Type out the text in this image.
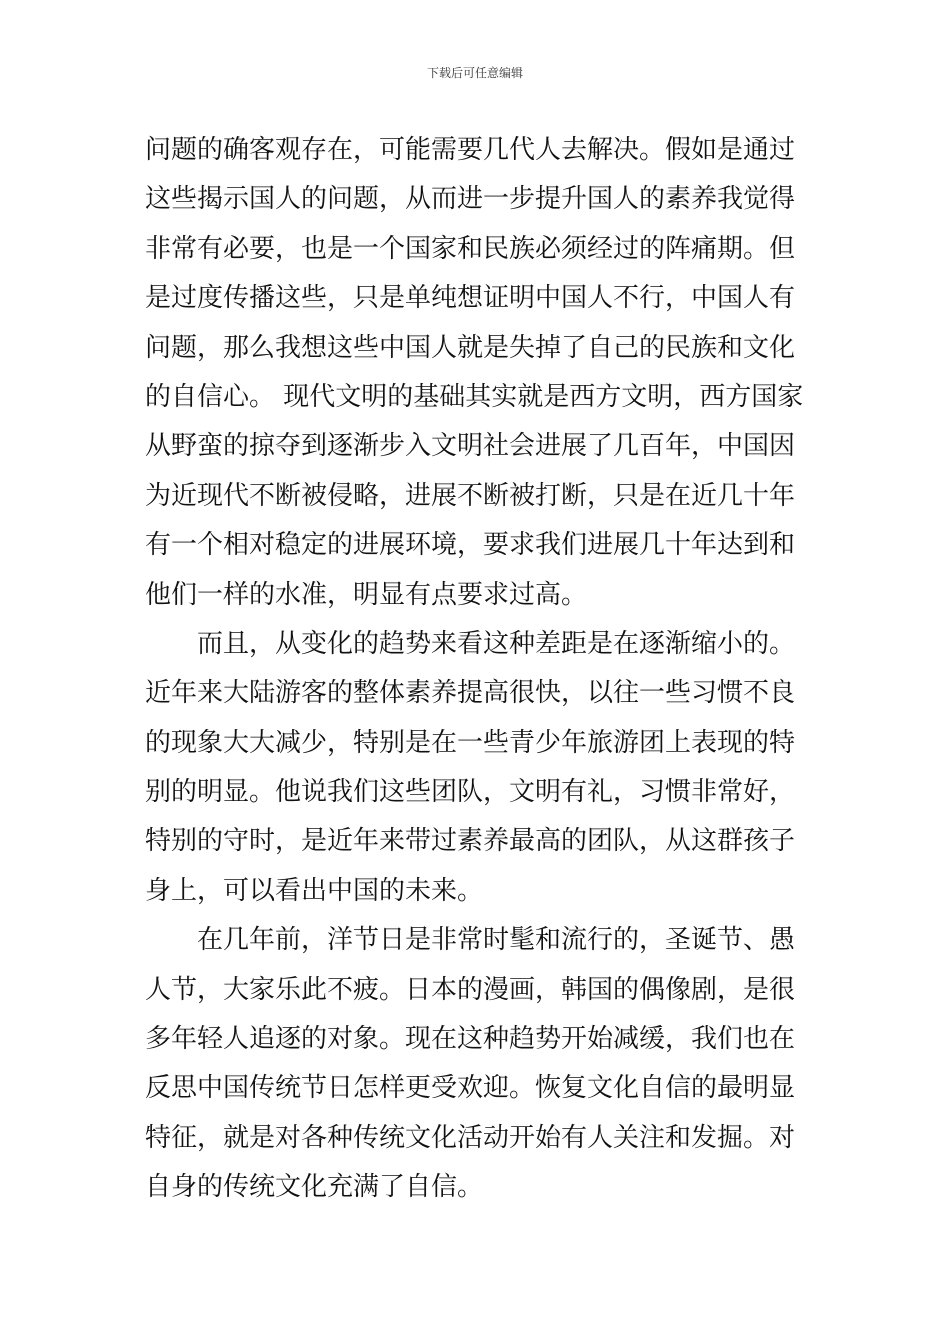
下载后可任意编辑
问题的确客观存在，可能需要几代人去解决。假如是通过
这些揭示国人的问题，从而进一步提升国人的素养我觉得
非常有必要，也是一个国家和民族必须经过的阵痛期。但
是过度传播这些，只是单纯想证明中国人不行，中国人有
问题，那么我想这些中国人就是失掉了自己的民族和文化
的自信心。 现代文明的基础其实就是西方文明，西方国家
从野蛮的掠夺到逐渐步入文明社会进展了几百年，中国因
为近现代不断被侵略，进展不断被打断，只是在近几十年
有一个相对稳定的进展环境，要求我们进展几十年达到和
他们一样的水准，明显有点要求过高。
而且，从变化的趋势来看这种差距是在逐渐缩小的。
近年来大陆游客的整体素养提高很快，以往一些习惯不良
的现象大大减少，特别是在一些青少年旅游团上表现的特
别的明显。他说我们这些团队，文明有礼，习惯非常好，
特别的守时，是近年来带过素养最高的团队，从这群孩子
身上，可以看出中国的未来。
在几年前，洋节日是非常时髦和流行的，圣诞节、愚
人节，大家乐此不疲。日本的漫画，韩国的偶像剧，是很
多年轻人追逐的对象。现在这种趋势开始减缓，我们也在
反思中国传统节日怎样更受欢迎。恢复文化自信的最明显
特征，就是对各种传统文化活动开始有人关注和发掘。对
自身的传统文化充满了自信。
